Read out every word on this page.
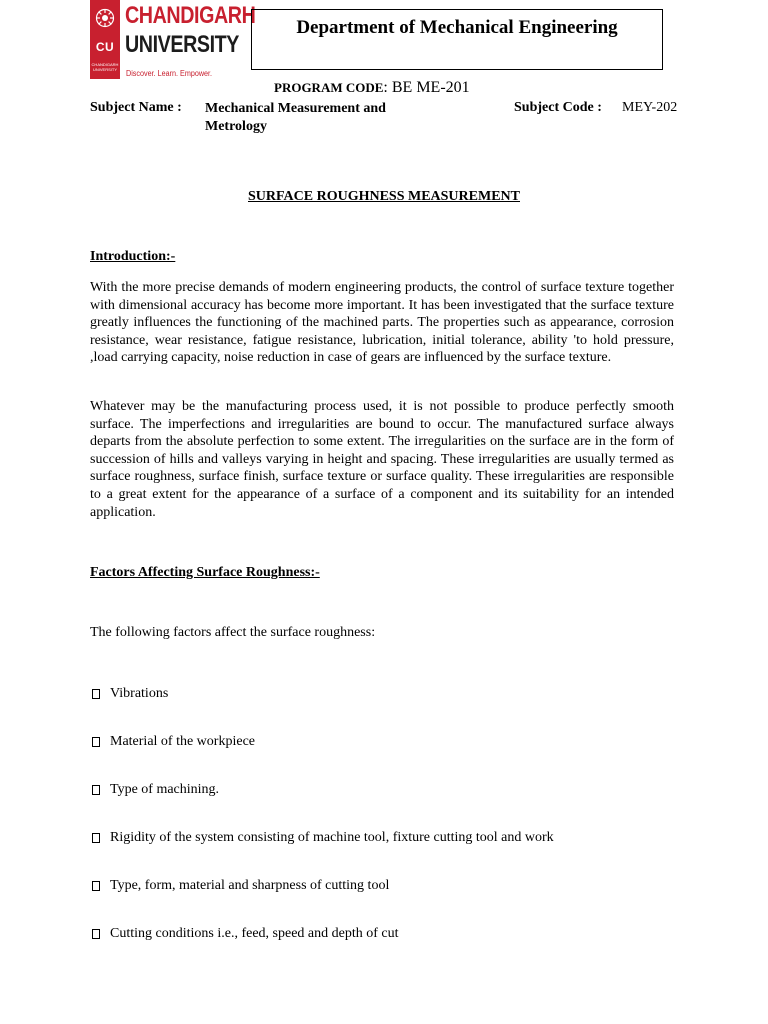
CU
CHANDIGARH UNIVERSITY
CHANDIGARH
UNIVERSITY
Discover. Learn. Empower.
Department of Mechanical Engineering
PROGRAM CODE: BE ME-201
Subject Name : Mechanical Measurement and Metrology
Subject Code : MEY-202
SURFACE ROUGHNESS MEASUREMENT
Introduction:-
With the more precise demands of modern engineering products, the control of surface texture together with dimensional accuracy has become more important. It has been investigated that the surface texture greatly influences the functioning of the machined parts. The properties such as appearance, corrosion resistance, wear resistance, fatigue resistance, lubrication, initial tolerance, ability 'to hold pressure, ,load carrying capacity, noise reduction in case of gears are influenced by the surface texture.
Whatever may be the manufacturing process used, it is not possible to produce perfectly smooth surface. The imperfections and irregularities are bound to occur. The manufactured surface always departs from the absolute perfection to some extent. The irregularities on the surface are in the form of succession of hills and valleys varying in height and spacing. These irregularities are usually termed as surface roughness, surface finish, surface texture or surface quality. These irregularities are responsible to a great extent for the appearance of a surface of a component and its suitability for an intended application.
Factors Affecting Surface Roughness:-
The following factors affect the surface roughness:
Vibrations
Material of the workpiece
Type of machining.
Rigidity of the system consisting of machine tool, fixture cutting tool and work
Type, form, material and sharpness of cutting tool
Cutting conditions i.e., feed, speed and depth of cut
